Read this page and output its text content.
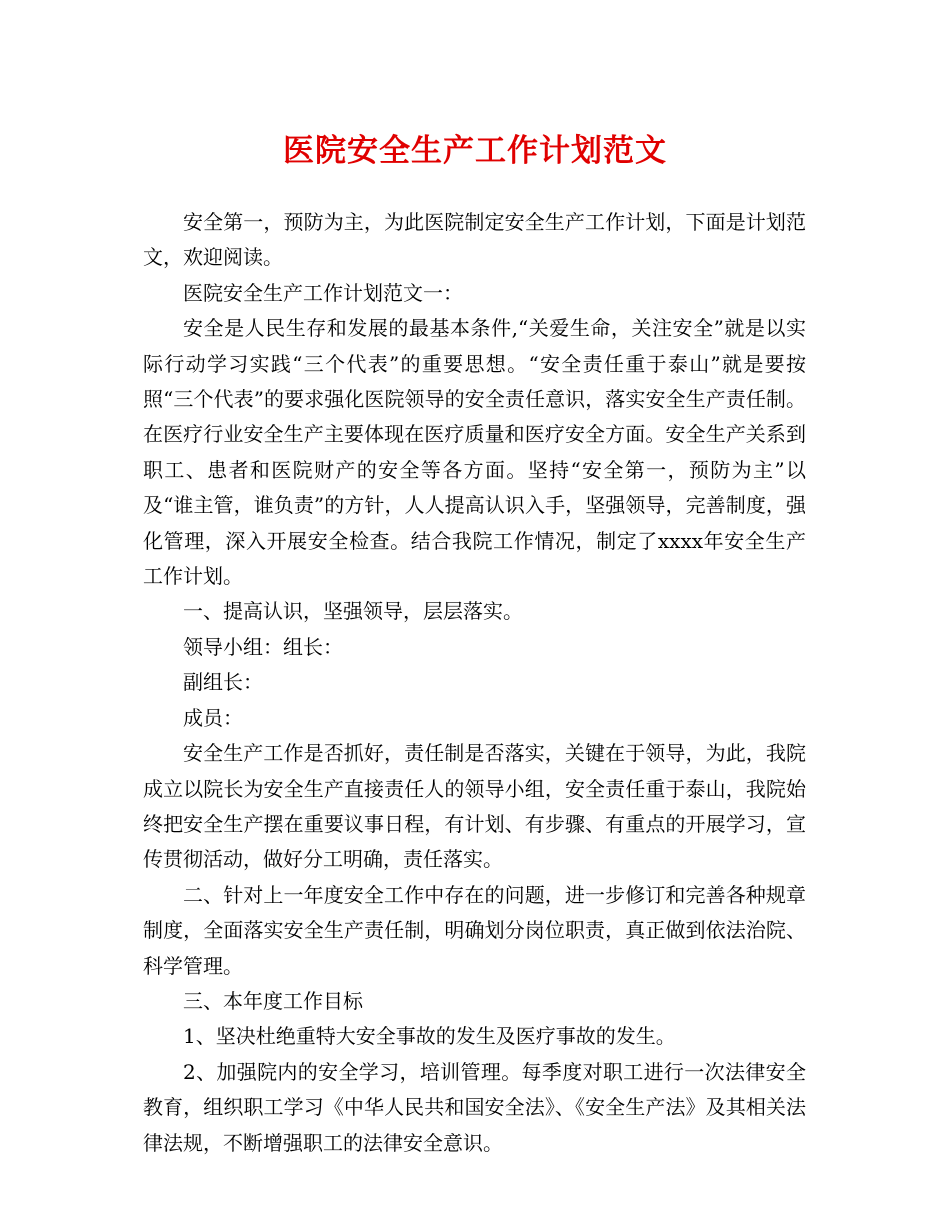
医院安全生产工作计划范文

安全第一，预防为主，为此医院制定安全生产工作计划，下面是计划范文，欢迎阅读。

医院安全生产工作计划范文一：

安全是人民生存和发展的最基本条件,“关爱生命，关注安全”就是以实际行动学习实践“三个代表”的重要思想。“安全责任重于泰山”就是要按照“三个代表”的要求强化医院领导的安全责任意识，落实安全生产责任制。在医疗行业安全生产主要体现在医疗质量和医疗安全方面。安全生产关系到职工、患者和医院财产的安全等各方面。坚持“安全第一，预防为主”以及“谁主管，谁负责”的方针，人人提高认识入手，坚强领导，完善制度，强化管理，深入开展安全检查。结合我院工作情况，制定了xxxx年安全生产工作计划。

一、提高认识，坚强领导，层层落实。

领导小组：组长：

副组长：

成员：

安全生产工作是否抓好，责任制是否落实，关键在于领导，为此，我院成立以院长为安全生产直接责任人的领导小组，安全责任重于泰山，我院始终把安全生产摆在重要议事日程，有计划、有步骤、有重点的开展学习，宣传贯彻活动，做好分工明确，责任落实。

二、针对上一年度安全工作中存在的问题，进一步修订和完善各种规章制度，全面落实安全生产责任制，明确划分岗位职责，真正做到依法治院、科学管理。

三、本年度工作目标

1、坚决杜绝重特大安全事故的发生及医疗事故的发生。

2、加强院内的安全学习，培训管理。每季度对职工进行一次法律安全教育，组织职工学习《中华人民共和国安全法》、《安全生产法》及其相关法律法规，不断增强职工的法律安全意识。
